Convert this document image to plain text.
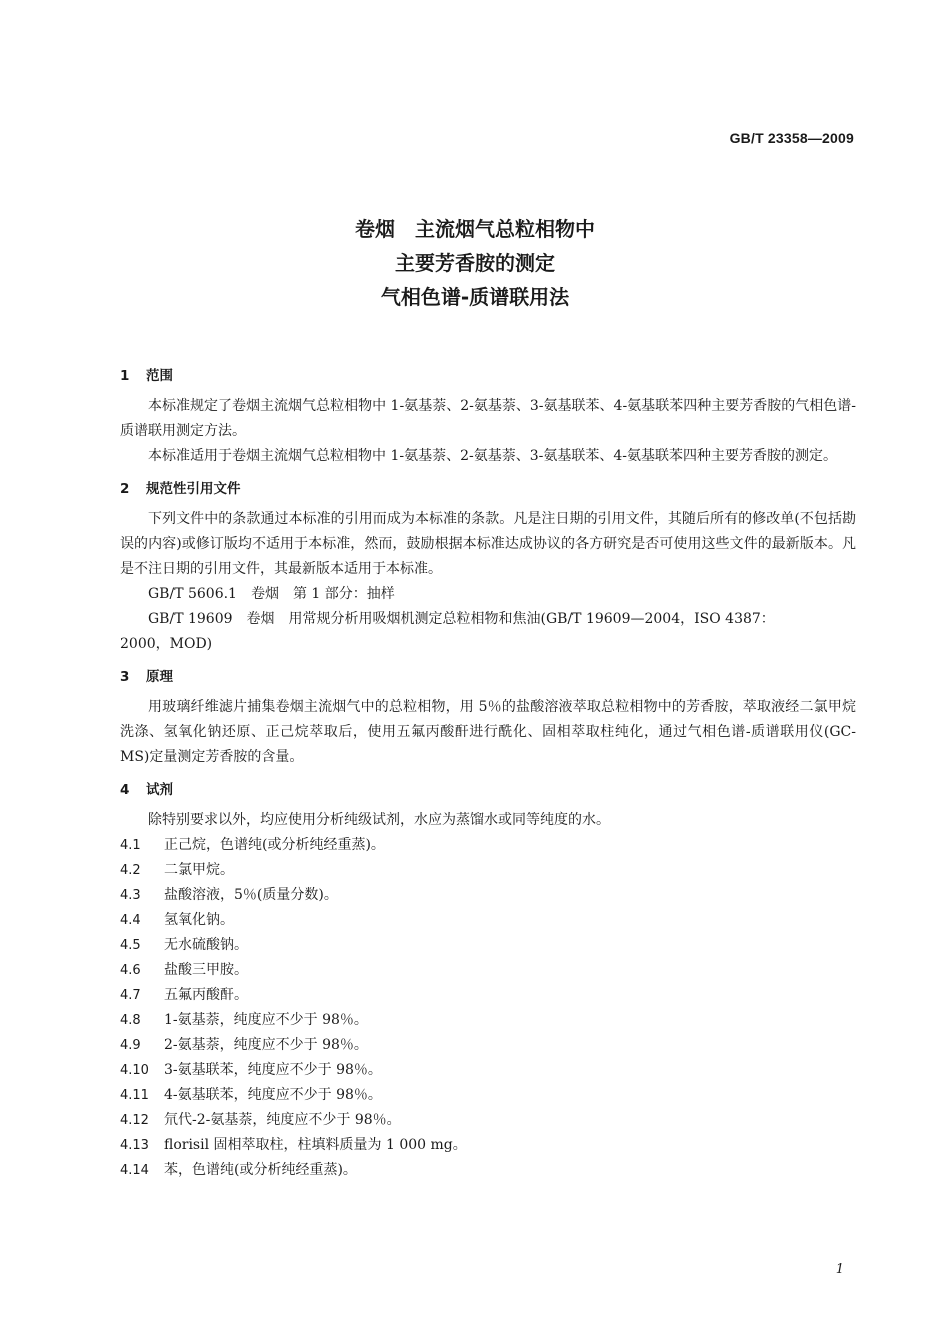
GB/T 23358—2009
卷烟　主流烟气总粒相物中
主要芳香胺的测定
气相色谱-质谱联用法
1 范围
本标准规定了卷烟主流烟气总粒相物中 1-氨基萘、2-氨基萘、3-氨基联苯、4-氨基联苯四种主要芳香胺的气相色谱-质谱联用测定方法。
本标准适用于卷烟主流烟气总粒相物中 1-氨基萘、2-氨基萘、3-氨基联苯、4-氨基联苯四种主要芳香胺的测定。
2 规范性引用文件
下列文件中的条款通过本标准的引用而成为本标准的条款。凡是注日期的引用文件，其随后所有的修改单(不包括勘误的内容)或修订版均不适用于本标准，然而，鼓励根据本标准达成协议的各方研究是否可使用这些文件的最新版本。凡是不注日期的引用文件，其最新版本适用于本标准。
GB/T 5606.1　卷烟　第 1 部分：抽样
GB/T 19609　卷烟　用常规分析用吸烟机测定总粒相物和焦油(GB/T 19609—2004，ISO 4387：
2000，MOD)
3 原理
用玻璃纤维滤片捕集卷烟主流烟气中的总粒相物，用 5％的盐酸溶液萃取总粒相物中的芳香胺，萃取液经二氯甲烷洗涤、氢氧化钠还原、正己烷萃取后，使用五氟丙酸酐进行酰化、固相萃取柱纯化，通过气相色谱-质谱联用仪(GC-MS)定量测定芳香胺的含量。
4 试剂
除特别要求以外，均应使用分析纯级试剂，水应为蒸馏水或同等纯度的水。
4.1 正己烷，色谱纯(或分析纯经重蒸)。
4.2 二氯甲烷。
4.3 盐酸溶液，5％(质量分数)。
4.4 氢氧化钠。
4.5 无水硫酸钠。
4.6 盐酸三甲胺。
4.7 五氟丙酸酐。
4.8 1-氨基萘，纯度应不少于 98％。
4.9 2-氨基萘，纯度应不少于 98％。
4.10 3-氨基联苯，纯度应不少于 98％。
4.11 4-氨基联苯，纯度应不少于 98％。
4.12 氘代-2-氨基萘，纯度应不少于 98％。
4.13 florisil 固相萃取柱，柱填料质量为 1 000 mg。
4.14 苯，色谱纯(或分析纯经重蒸)。
1
